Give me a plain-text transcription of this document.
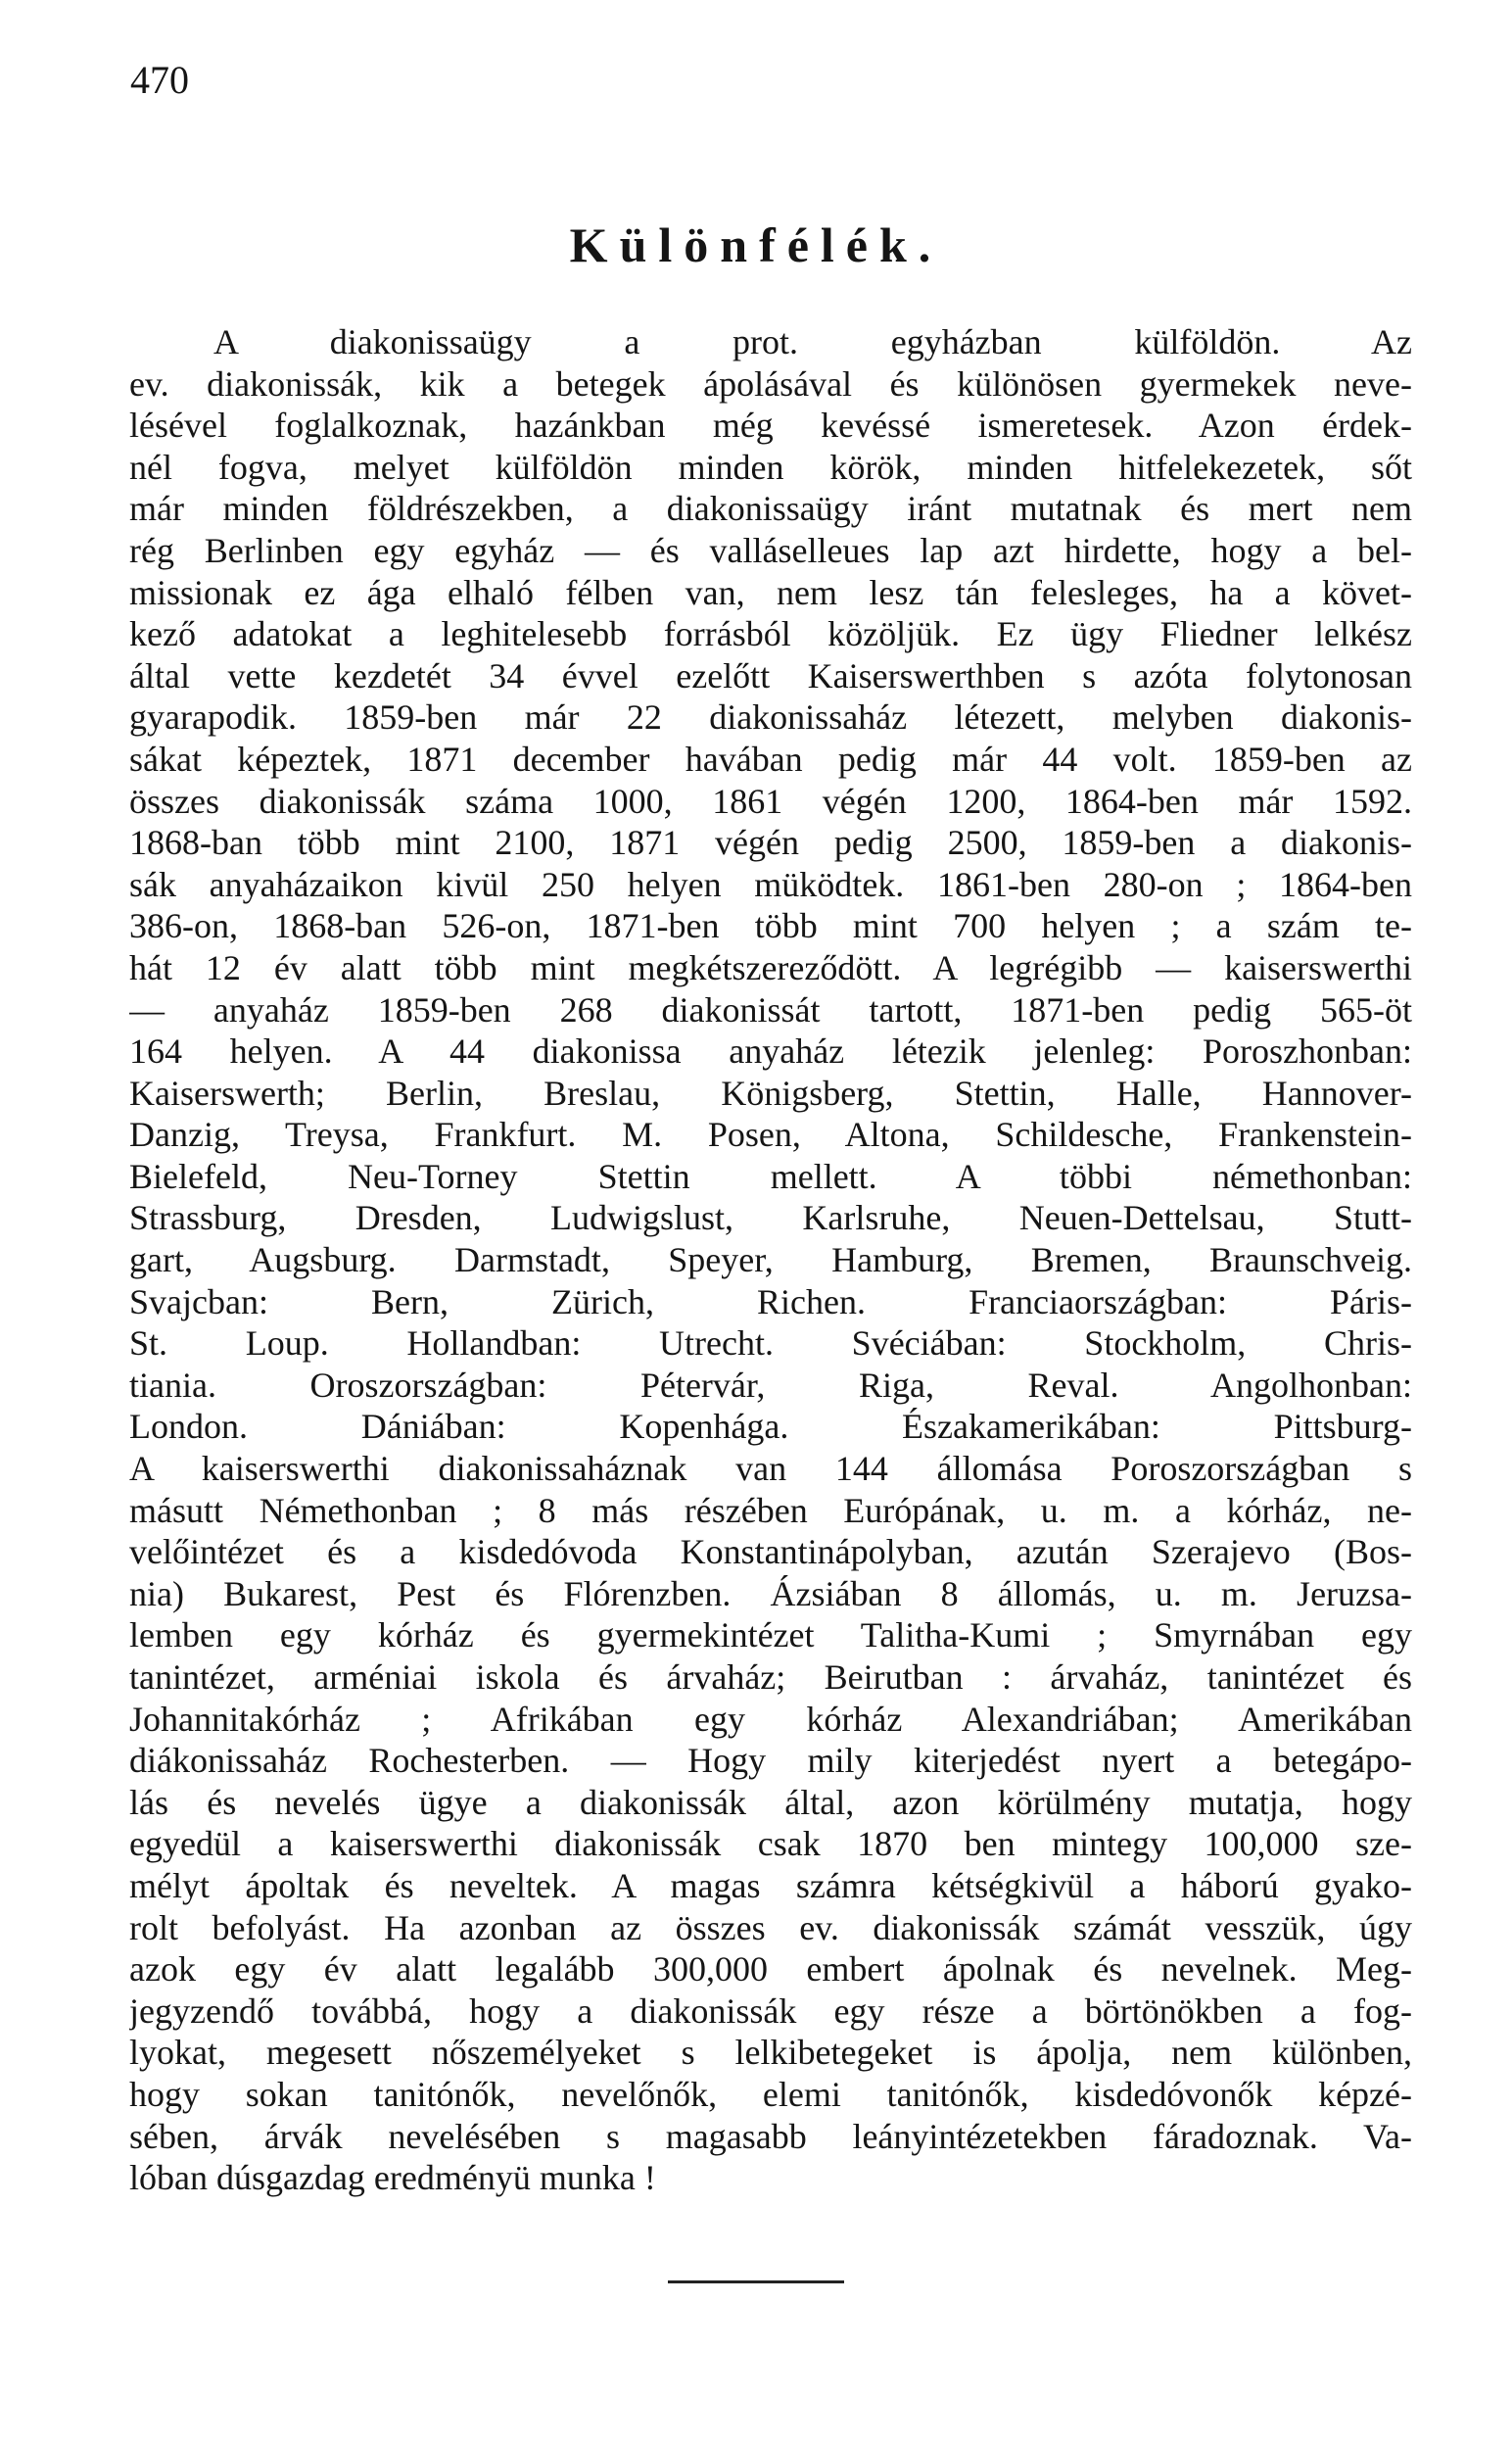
470
Különfélék.
A diakonissaügy a prot. egyházban külföldön. Az
ev. diakonissák, kik a betegek ápolásával és különösen gyermekek neve-
lésével foglalkoznak, hazánkban még kevéssé ismeretesek. Azon érdek-
nél fogva, melyet külföldön minden körök, minden hitfelekezetek, sőt
már minden földrészekben, a diakonissaügy iránt mutatnak és mert nem
rég Berlinben egy egyház — és valláselleues lap azt hirdette, hogy a bel-
missionak ez ága elhaló félben van, nem lesz tán felesleges, ha a követ-
kező adatokat a leghitelesebb forrásból közöljük. Ez ügy Fliedner lelkész
által vette kezdetét 34 évvel ezelőtt Kaiserswerthben s azóta folytonosan
gyarapodik. 1859-ben már 22 diakonissaház létezett, melyben diakonis-
sákat képeztek, 1871 december havában pedig már 44 volt. 1859-ben az
összes diakonissák száma 1000, 1861 végén 1200, 1864-ben már 1592.
1868-ban több mint 2100, 1871 végén pedig 2500, 1859-ben a diakonis-
sák anyaházaikon kivül 250 helyen müködtek. 1861-ben 280-on ; 1864-ben
386-on, 1868-ban 526-on, 1871-ben több mint 700 helyen ; a szám te-
hát 12 év alatt több mint megkétszereződött. A legrégibb — kaiserswerthi
— anyaház 1859-ben 268 diakonissát tartott, 1871-ben pedig 565-öt
164 helyen. A 44 diakonissa anyaház létezik jelenleg: Poroszhonban:
Kaiserswerth; Berlin, Breslau, Königsberg, Stettin, Halle, Hannover-
Danzig, Treysa, Frankfurt. M. Posen, Altona, Schildesche, Frankenstein-
Bielefeld, Neu-Torney Stettin mellett. A többi némethonban:
Strassburg, Dresden, Ludwigslust, Karlsruhe, Neuen-Dettelsau, Stutt-
gart, Augsburg. Darmstadt, Speyer, Hamburg, Bremen, Braunschveig.
Svajcban: Bern, Zürich, Richen. Franciaországban: Páris-
St. Loup. Hollandban: Utrecht. Svéciában: Stockholm, Chris-
tiania. Oroszországban: Pétervár, Riga, Reval. Angolhonban:
London. Dániában: Kopenhága. Északamerikában: Pittsburg-
A kaiserswerthi diakonissaháznak van 144 állomása Poroszországban s
másutt Némethonban ; 8 más részében Európának, u. m. a kórház, ne-
velőintézet és a kisdedóvoda Konstantinápolyban, azután Szerajevo (Bos-
nia) Bukarest, Pest és Flórenzben. Ázsiában 8 állomás, u. m. Jeruzsa-
lemben egy kórház és gyermekintézet Talitha-Kumi ; Smyrnában egy
tanintézet, arméniai iskola és árvaház; Beirutban : árvaház, tanintézet és
Johannitakórház ; Afrikában egy kórház Alexandriában; Amerikában
diákonissaház Rochesterben. — Hogy mily kiterjedést nyert a betegápo-
lás és nevelés ügye a diakonissák által, azon körülmény mutatja, hogy
egyedül a kaiserswerthi diakonissák csak 1870 ben mintegy 100,000 sze-
mélyt ápoltak és neveltek. A magas számra kétségkivül a háború gyako-
rolt befolyást. Ha azonban az összes ev. diakonissák számát vesszük, úgy
azok egy év alatt legalább 300,000 embert ápolnak és nevelnek. Meg-
jegyzendő továbbá, hogy a diakonissák egy része a börtönökben a fog-
lyokat, megesett nőszemélyeket s lelkibetegeket is ápolja, nem különben,
hogy sokan tanitónők, nevelőnők, elemi tanitónők, kisdedóvonők képzé-
sében, árvák nevelésében s magasabb leányintézetekben fáradoznak. Va-
lóban dúsgazdag eredményü munka !
